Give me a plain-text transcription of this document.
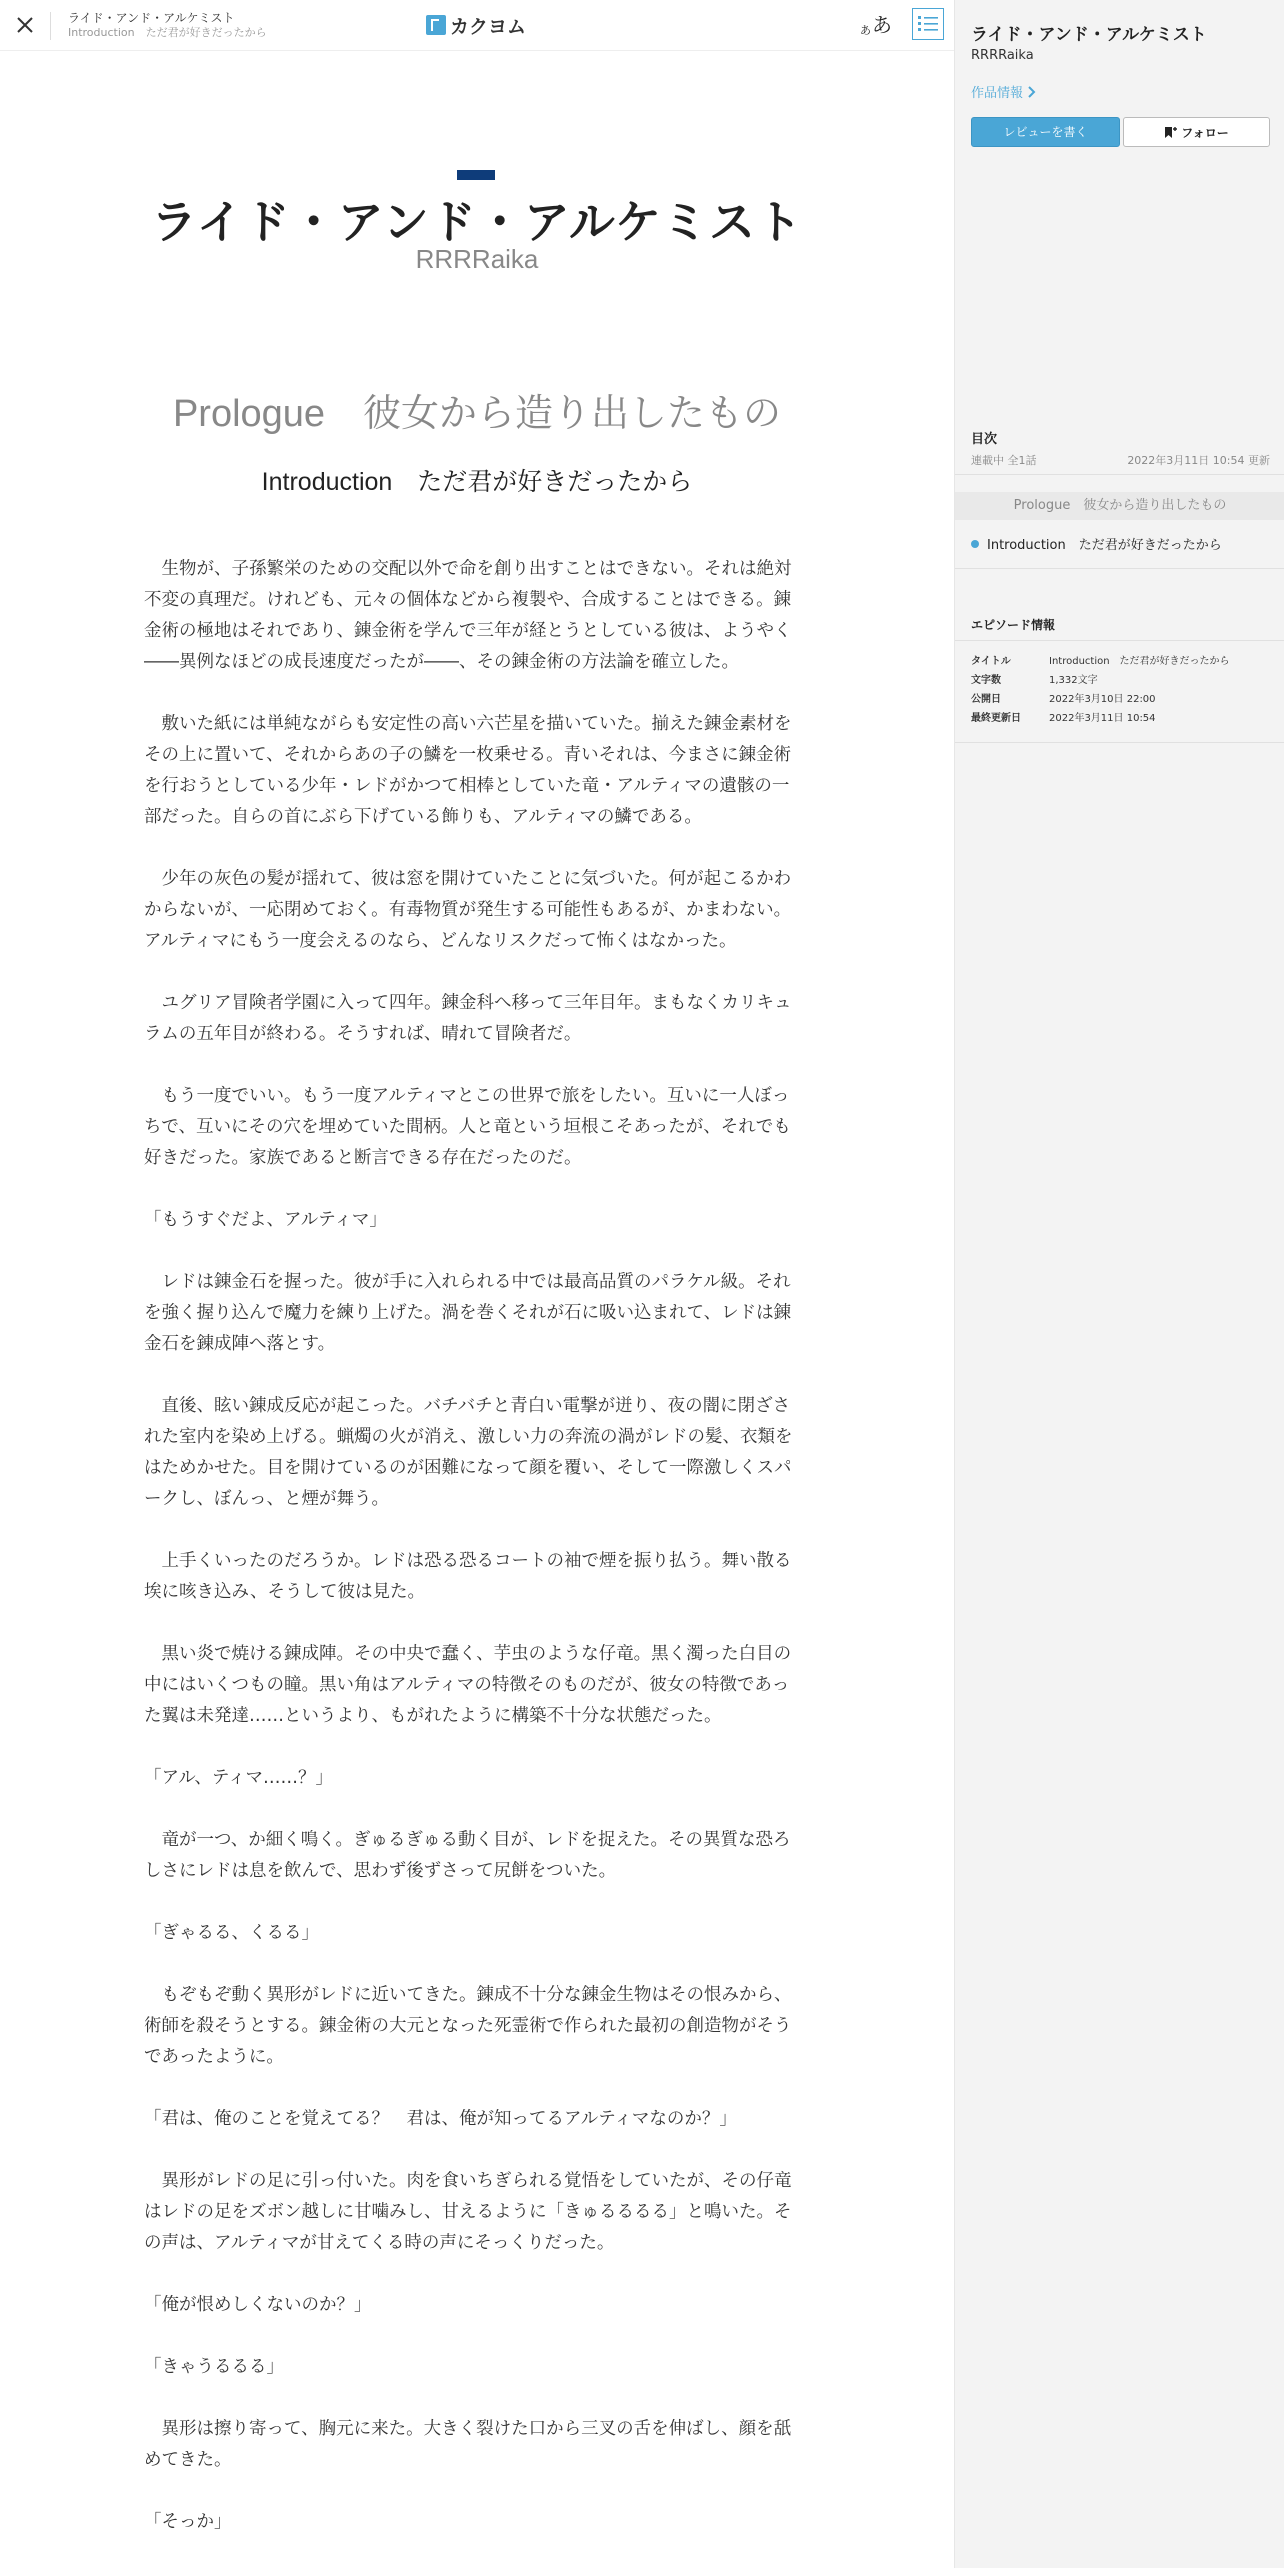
ライド・アンド・アルケミスト
Introduction　ただ君が好きだったから	カクヨム	あ あ
ライド・アンド・アルケミスト
RRRRaika
Prologue　彼女から造り出したもの
Introduction　ただ君が好きだったから

生物が、子孫繁栄のための交配以外で命を創り出すことはできない。それは絶対不変の真理だ。けれども、元々の個体などから複製や、合成することはできる。錬金術の極地はそれであり、錬金術を学んで三年が経とうとしている彼は、ようやく――異例なほどの成長速度だったが――、その錬金術の方法論を確立した。

敷いた紙には単純ながらも安定性の高い六芒星を描いていた。揃えた錬金素材をその上に置いて、それからあの子の鱗を一枚乗せる。青いそれは、今まさに錬金術を行おうとしている少年・レドがかつて相棒としていた竜・アルティマの遺骸の一部だった。自らの首にぶら下げている飾りも、アルティマの鱗である。

少年の灰色の髪が揺れて、彼は窓を開けていたことに気づいた。何が起こるかわからないが、一応閉めておく。有毒物質が発生する可能性もあるが、かまわない。アルティマにもう一度会えるのなら、どんなリスクだって怖くはなかった。

ユグリア冒険者学園に入って四年。錬金科へ移って三年目年。まもなくカリキュラムの五年目が終わる。そうすれば、晴れて冒険者だ。

もう一度でいい。もう一度アルティマとこの世界で旅をしたい。互いに一人ぼっちで、互いにその穴を埋めていた間柄。人と竜という垣根こそあったが、それでも好きだった。家族であると断言できる存在だったのだ。

「もうすぐだよ、アルティマ」

レドは錬金石を握った。彼が手に入れられる中では最高品質のパラケル級。それを強く握り込んで魔力を練り上げた。渦を巻くそれが石に吸い込まれて、レドは錬金石を錬成陣へ落とす。

直後、眩い錬成反応が起こった。バチバチと青白い電撃が迸り、夜の闇に閉ざされた室内を染め上げる。蝋燭の火が消え、激しい力の奔流の渦がレドの髪、衣類をはためかせた。目を開けているのが困難になって顔を覆い、そして一際激しくスパークし、ぼんっ、と煙が舞う。

上手くいったのだろうか。レドは恐る恐るコートの袖で煙を振り払う。舞い散る埃に咳き込み、そうして彼は見た。

黒い炎で焼ける錬成陣。その中央で蠢く、芋虫のような仔竜。黒く濁った白目の中にはいくつもの瞳。黒い角はアルティマの特徴そのものだが、彼女の特徴であった翼は未発達……というより、もがれたように構築不十分な状態だった。

「アル、ティマ……？」

竜が一つ、か細く鳴く。ぎゅるぎゅる動く目が、レドを捉えた。その異質な恐ろしさにレドは息を飲んで、思わず後ずさって尻餅をついた。

「ぎゃるる、くるる」

もぞもぞ動く異形がレドに近いてきた。錬成不十分な錬金生物はその恨みから、術師を殺そうとする。錬金術の大元となった死霊術で作られた最初の創造物がそうであったように。

「君は、俺のことを覚えてる？　君は、俺が知ってるアルティマなのか？」

異形がレドの足に引っ付いた。肉を食いちぎられる覚悟をしていたが、その仔竜はレドの足をズボン越しに甘噛みし、甘えるように「きゅるるるる」と鳴いた。その声は、アルティマが甘えてくる時の声にそっくりだった。

「俺が恨めしくないのか？」

「きゃうるるる」

異形は擦り寄って、胸元に来た。大きく裂けた口から三叉の舌を伸ばし、顔を舐めてきた。

「そっか」

ライド・アンド・アルケミスト
RRRRaika
作品情報
レビューを書く	フォロー
目次
連載中 全1話	2022年3月11日 10:54 更新
Prologue　彼女から造り出したもの
Introduction　ただ君が好きだったから
エピソード情報
タイトル	Introduction　ただ君が好きだったから
文字数	1,332文字
公開日	2022年3月10日 22:00
最終更新日	2022年3月11日 10:54
